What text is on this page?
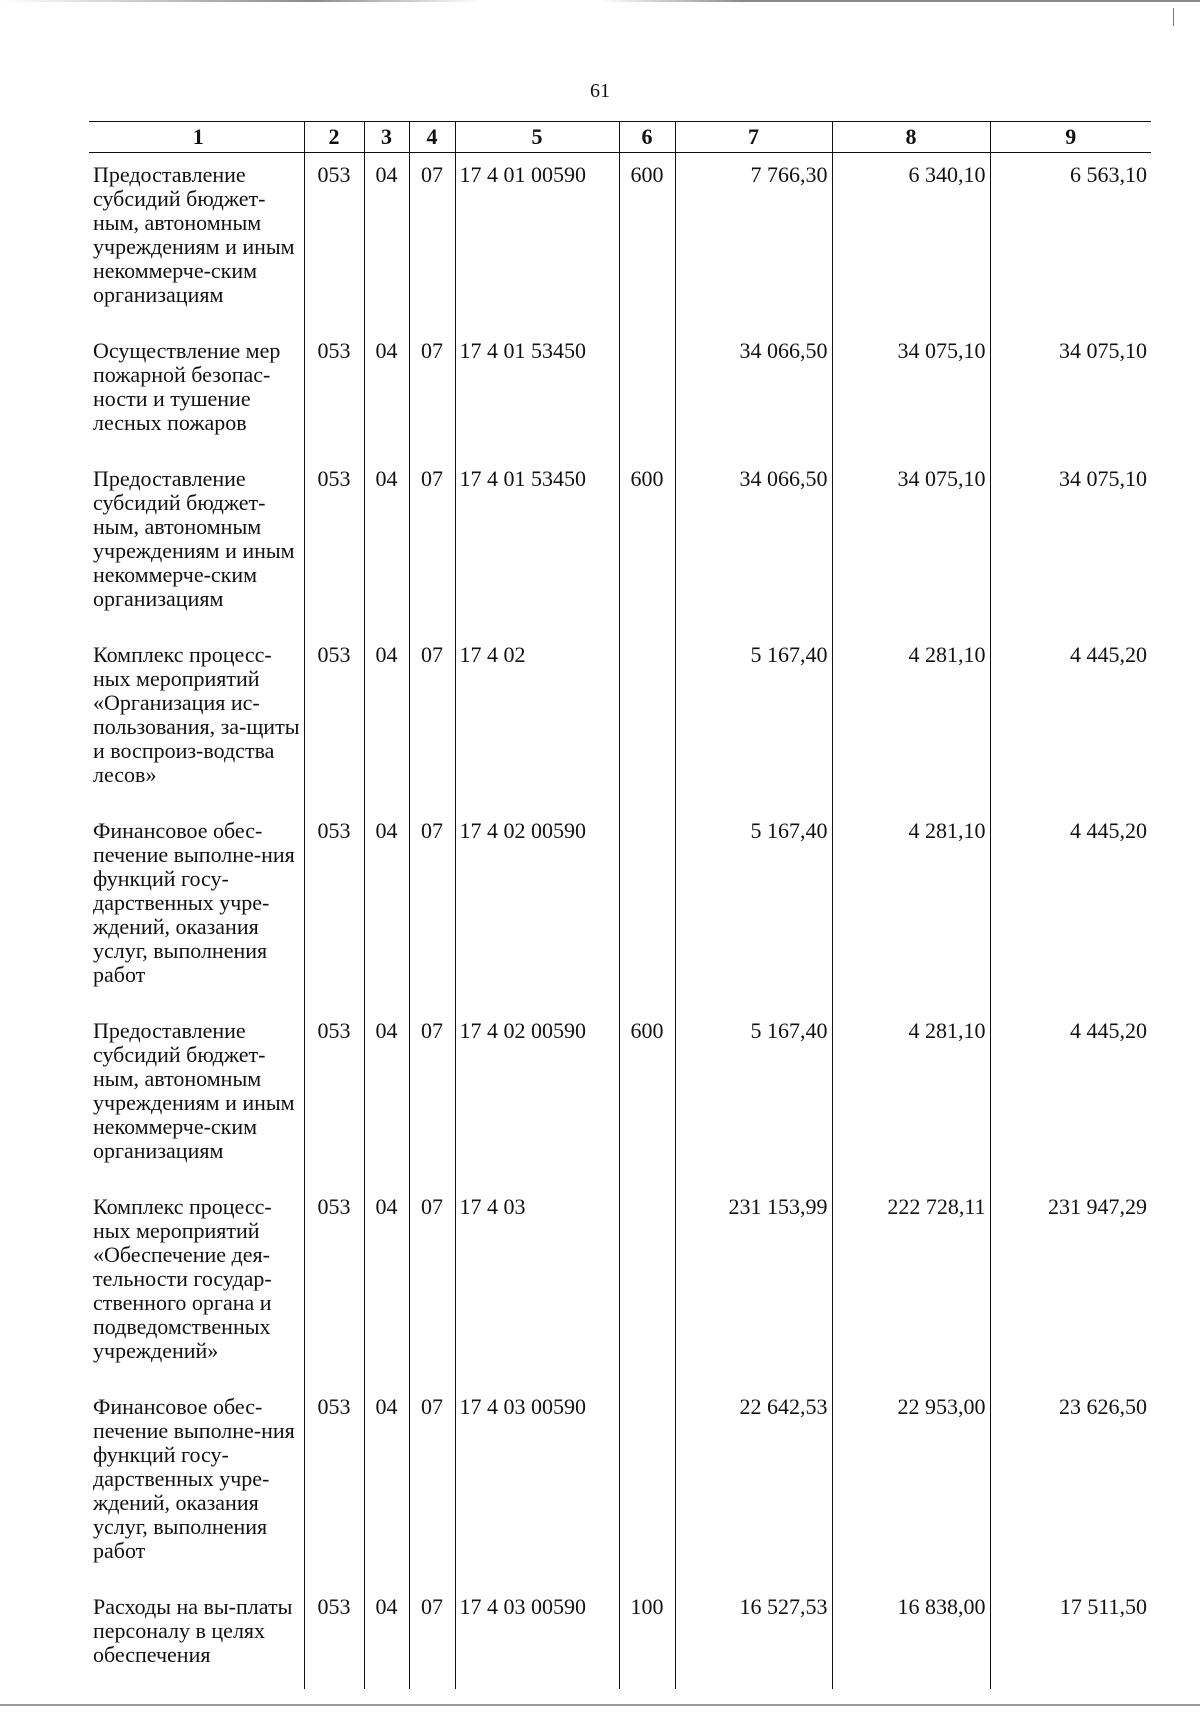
61
1	2	3	4	5	6	7	8	9
Предоставление субсидий бюджет-ным, автономным учреждениям и иным некоммерче-ским организациям	053	04	07	17 4 01 00590	600	7 766,30	6 340,10	6 563,10
Осуществление мер пожарной безопас-ности и тушение лесных пожаров	053	04	07	17 4 01 53450		34 066,50	34 075,10	34 075,10
Предоставление субсидий бюджет-ным, автономным учреждениям и иным некоммерче-ским организациям	053	04	07	17 4 01 53450	600	34 066,50	34 075,10	34 075,10
Комплекс процесс-ных мероприятий «Организация ис-пользования, за-щиты и воспроиз-водства лесов»	053	04	07	17 4 02		5 167,40	4 281,10	4 445,20
Финансовое обес-печение выполне-ния функций госу-дарственных учре-ждений, оказания услуг, выполнения работ	053	04	07	17 4 02 00590		5 167,40	4 281,10	4 445,20
Предоставление субсидий бюджет-ным, автономным учреждениям и иным некоммерче-ским организациям	053	04	07	17 4 02 00590	600	5 167,40	4 281,10	4 445,20
Комплекс процесс-ных мероприятий «Обеспечение дея-тельности государ-ственного органа и подведомственных учреждений»	053	04	07	17 4 03		231 153,99	222 728,11	231 947,29
Финансовое обес-печение выполне-ния функций госу-дарственных учре-ждений, оказания услуг, выполнения работ	053	04	07	17 4 03 00590		22 642,53	22 953,00	23 626,50
Расходы на вы-платы персоналу в целях обеспечения	053	04	07	17 4 03 00590	100	16 527,53	16 838,00	17 511,50
